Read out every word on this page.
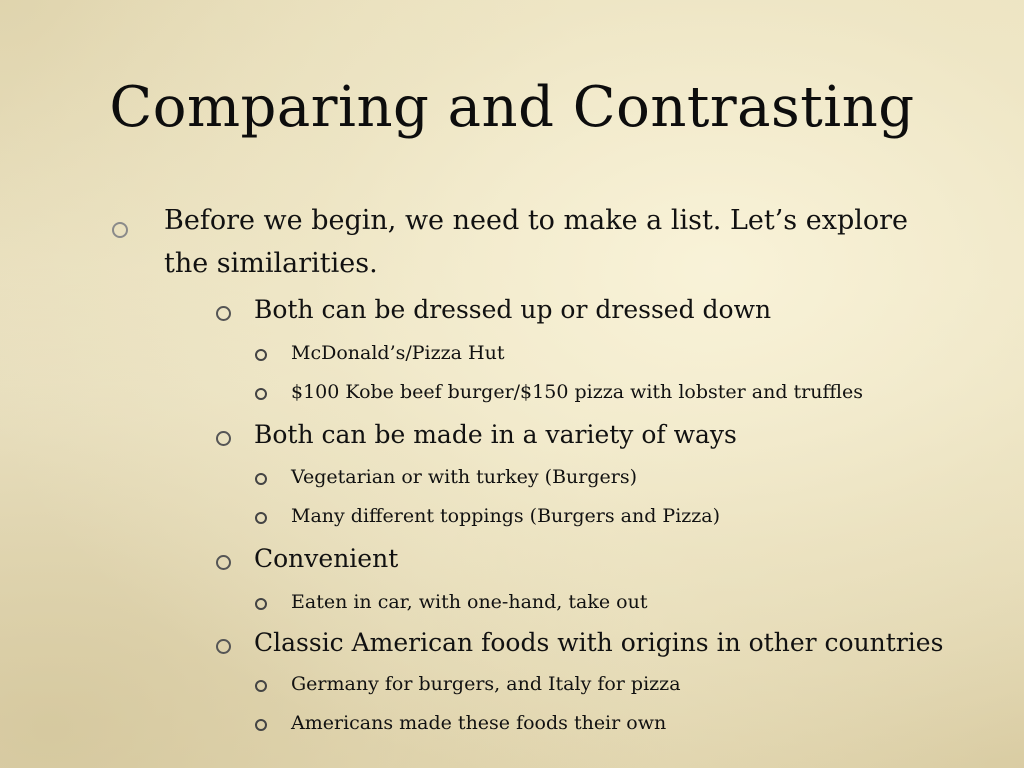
Comparing and Contrasting
Before we begin, we need to make a list. Let’s explore
the similarities.
Both can be dressed up or dressed down
McDonald’s/Pizza Hut
$100 Kobe beef burger/$150 pizza with lobster and truffles
Both can be made in a variety of ways
Vegetarian or with turkey (Burgers)
Many different toppings (Burgers and Pizza)
Convenient
Eaten in car, with one-hand, take out
Classic American foods with origins in other countries
Germany for burgers, and Italy for pizza
Americans made these foods their own
